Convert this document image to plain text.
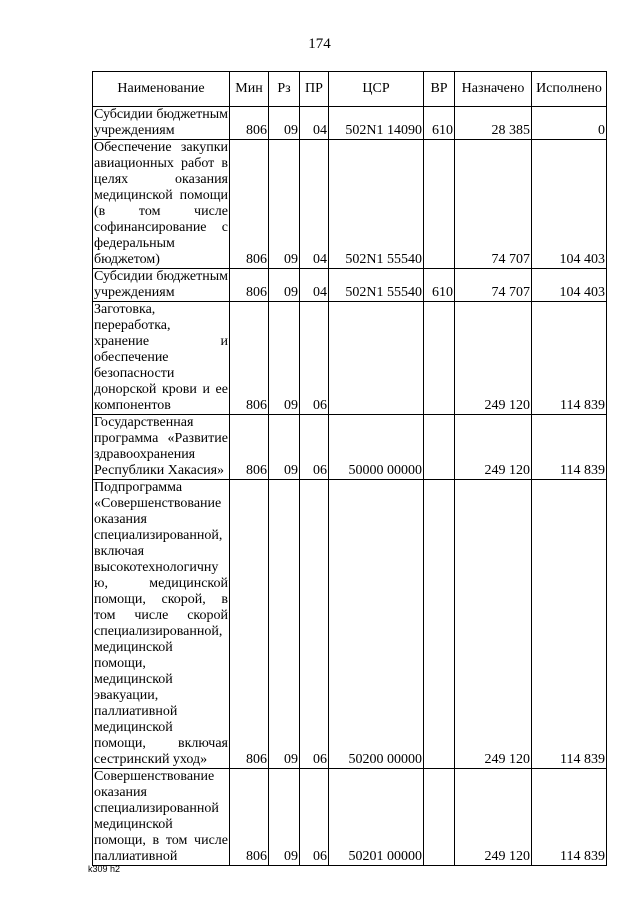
174
Наименование	Мин	Рз	ПР	ЦСР	ВР	Назначено	Исполнено
Субсидии бюджетным учреждениям	806	09	04	502N1 14090	610	28 385	0
Обеспечение закупки авиационных работ в целях оказания медицинской помощи (в том числе софинансирование с федеральным бюджетом)	806	09	04	502N1 55540		74 707	104 403
Субсидии бюджетным учреждениям	806	09	04	502N1 55540	610	74 707	104 403
Заготовка, переработка, хранение и обеспечение безопасности донорской крови и ее компонентов	806	09	06			249 120	114 839
Государственная программа «Развитие здравоохранения Республики Хакасия»	806	09	06	50000 00000		249 120	114 839
Подпрограмма «Совершенствование оказания специализированной, включая высокотехнологичную, медицинской помощи, скорой, в том числе скорой специализированной, медицинской помощи, медицинской эвакуации, паллиативной медицинской помощи, включая сестринский уход»	806	09	06	50200 00000		249 120	114 839
Совершенствование оказания специализированной медицинской помощи, в том числе паллиативной	806	09	06	50201 00000		249 120	114 839
k309 h2
